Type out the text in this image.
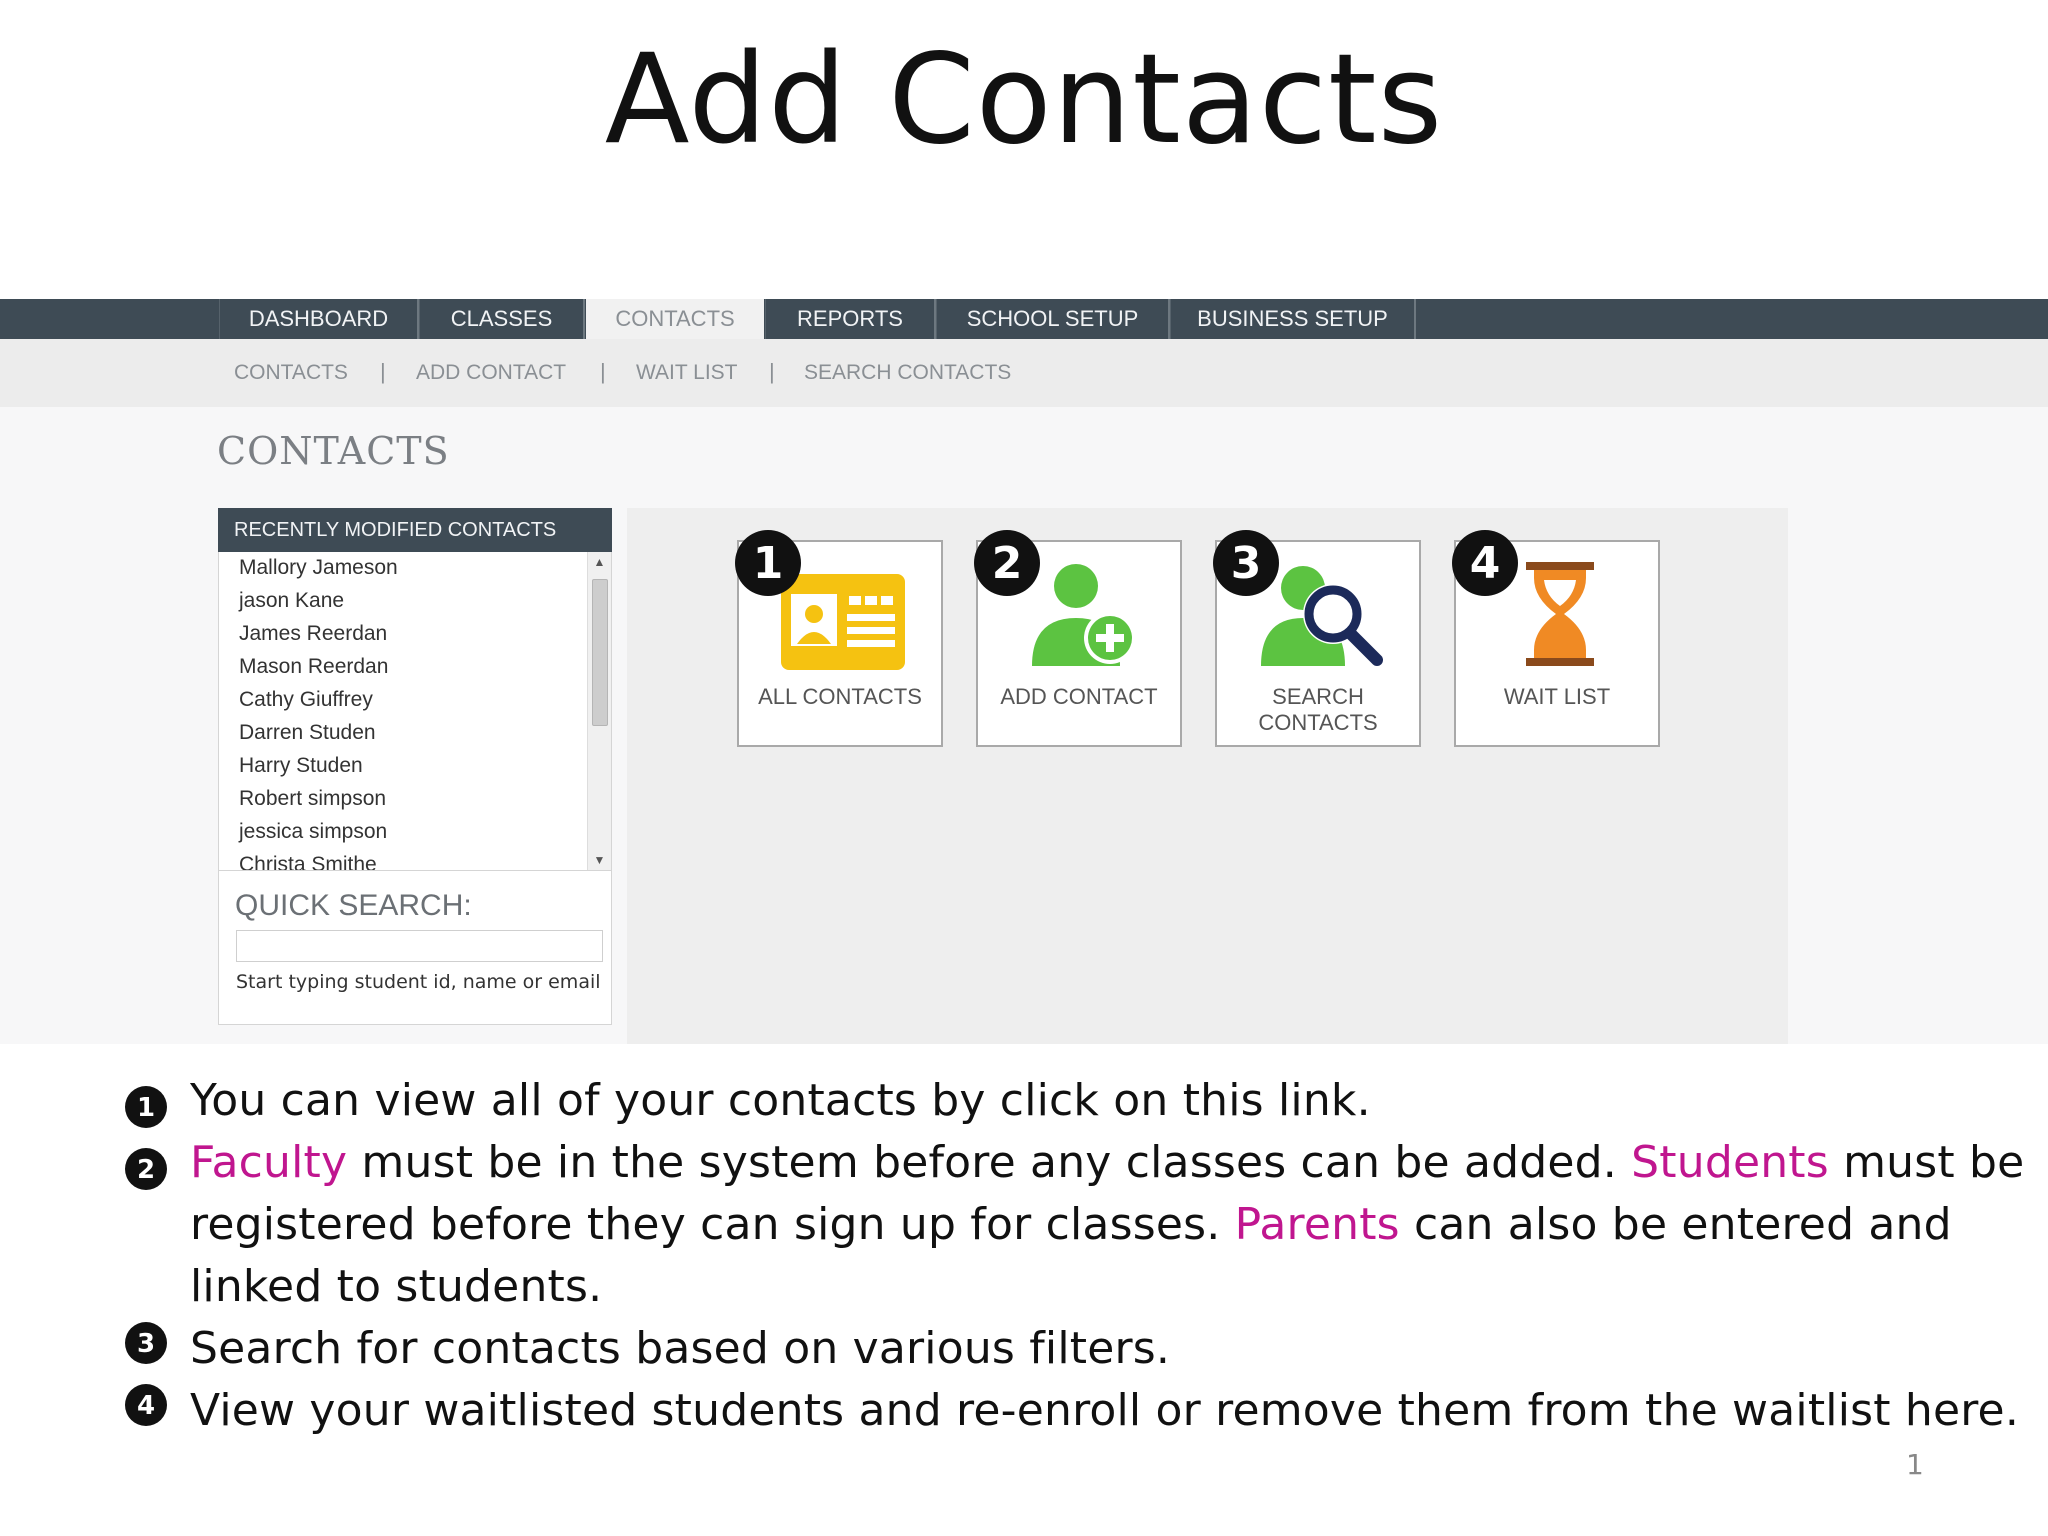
Add Contacts
DASHBOARD	CLASSES	CONTACTS	REPORTS	SCHOOL SETUP	BUSINESS SETUP
CONTACTS | ADD CONTACT | WAIT LIST | SEARCH CONTACTS
CONTACTS
RECENTLY MODIFIED CONTACTS
Mallory Jameson
jason Kane
James Reerdan
Mason Reerdan
Cathy Giuffrey
Darren Studen
Harry Studen
Robert simpson
jessica simpson
Christa Smithe
▲
▼
QUICK SEARCH:
Start typing student id, name or email
1
ALL CONTACTS
2
ADD CONTACT
3
SEARCH
CONTACTS
4
WAIT LIST
1 You can view all of your contacts by click on this link.
2 Faculty must be in the system before any classes can be added. Students must be
registered before they can sign up for classes. Parents can also be entered and
linked to students.
3 Search for contacts based on various filters.
4 View your waitlisted students and re-enroll or remove them from the waitlist here.
1
